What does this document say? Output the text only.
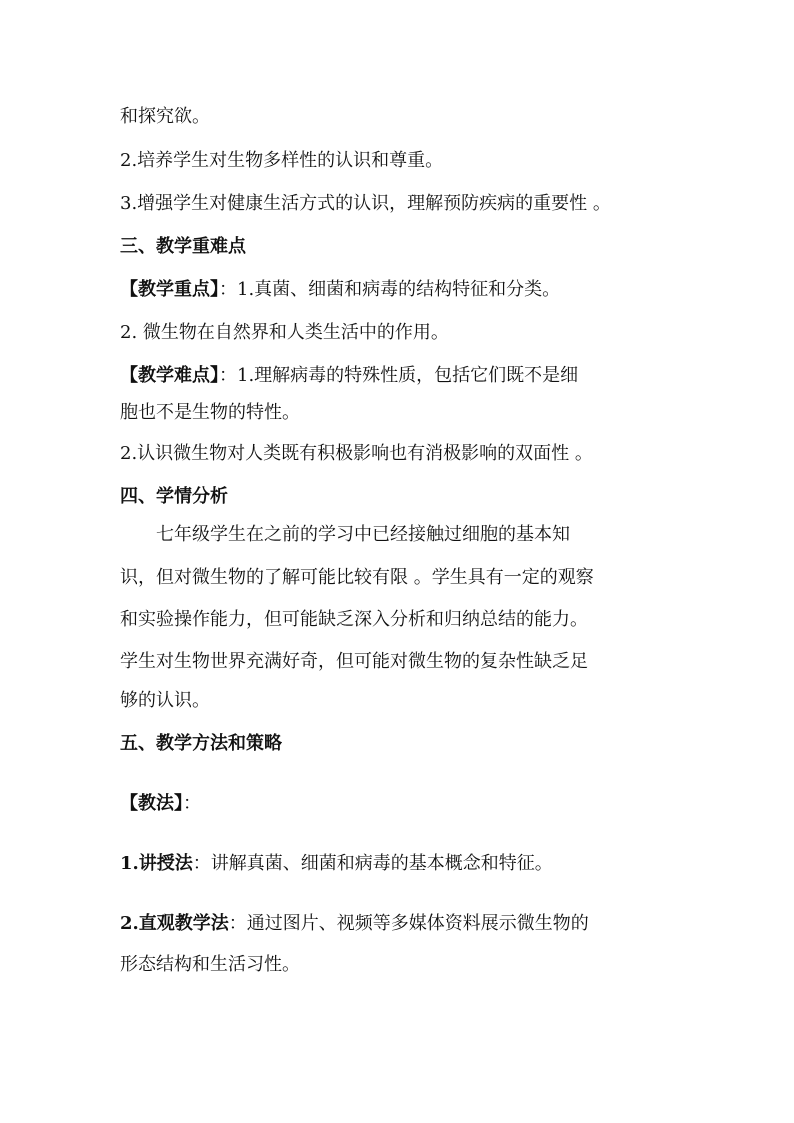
和探究欲。
2.培养学生对生物多样性的认识和尊重。
3.增强学生对健康生活方式的认识，理解预防疾病的重要性 。
三、教学重难点
【教学重点】：1.真菌、细菌和病毒的结构特征和分类。
2. 微生物在自然界和人类生活中的作用。
【教学难点】：1.理解病毒的特殊性质，包括它们既不是细
胞也不是生物的特性。
2.认识微生物对人类既有积极影响也有消极影响的双面性 。
四、学情分析
七年级学生在之前的学习中已经接触过细胞的基本知
识，但对微生物的了解可能比较有限 。学生具有一定的观察
和实验操作能力，但可能缺乏深入分析和归纳总结的能力。
学生对生物世界充满好奇，但可能对微生物的复杂性缺乏足
够的认识。
五、教学方法和策略
【教法】：
1.讲授法：讲解真菌、细菌和病毒的基本概念和特征。
2.直观教学法：通过图片、视频等多媒体资料展示微生物的
形态结构和生活习性。
